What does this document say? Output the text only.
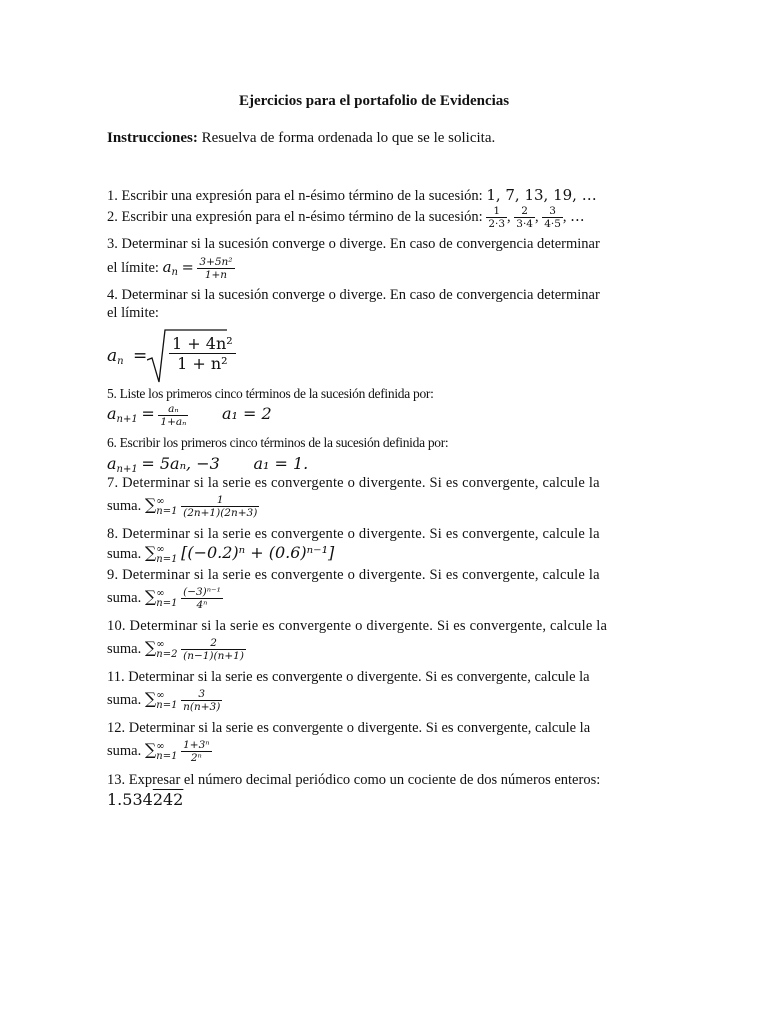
Ejercicios para el portafolio de Evidencias
Instrucciones: Resuelva de forma ordenada lo que se le solicita.
1. Escribir una expresión para el n-ésimo término de la sucesión: 1, 7, 13, 19, …
2. Escribir una expresión para el n-ésimo término de la sucesión: $\frac{1}{2\cdot 3}$ , $\frac{2}{3\cdot 4}$ , $\frac{3}{4\cdot 5}$ , …
3. Determinar si la sucesión converge o diverge. En caso de convergencia determinar
el límite: $a_n = \frac{\text{3+5n²}}{1+n}$
4. Determinar si la sucesión converge o diverge. En caso de convergencia determinar
el límite:
$a_n = \frac{\text{1 + 4n²}}{\text{1 + n²}}$
5. Liste los primeros cinco términos de la sucesión definida por:
$a_{n+1} = \frac{\text{aₙ}}{\text{1+aₙ}} a_1 = 2$
6. Escribir los primeros cinco términos de la sucesión definida por:
$a_{n+1} = 5a_n$, −3 a₁ = 1.
7. Determinar si la serie es convergente o divergente. Si es convergente, calcule la
suma. ∑ ∞
n=1
$\frac{1}{(2n+1)(2n+3)}$
8. Determinar si la serie es convergente o divergente. Si es convergente, calcule la
suma. ∑ ∞
n=1 [(−0.2)ⁿ + (0.6)ⁿ⁻¹]
9. Determinar si la serie es convergente o divergente. Si es convergente, calcule la
suma. ∑ ∞
n=1
$\frac{\text{(−3)ⁿ⁻¹}}{\text{4ⁿ}}$
10. Determinar si la serie es convergente o divergente. Si es convergente, calcule la
suma. ∑ ∞
n=2
$\frac{2}{(n-1)(n+1)}$
11. Determinar si la serie es convergente o divergente. Si es convergente, calcule la
suma. ∑ ∞
n=1
$\frac{3}{n(n+3)}$
12. Determinar si la serie es convergente o divergente. Si es convergente, calcule la
suma. ∑ ∞
n=1
$\frac{\text{1+3ⁿ}}{\text{2ⁿ}}$
13. Expresar el número decimal periódico como un cociente de dos números enteros:
1.534242
